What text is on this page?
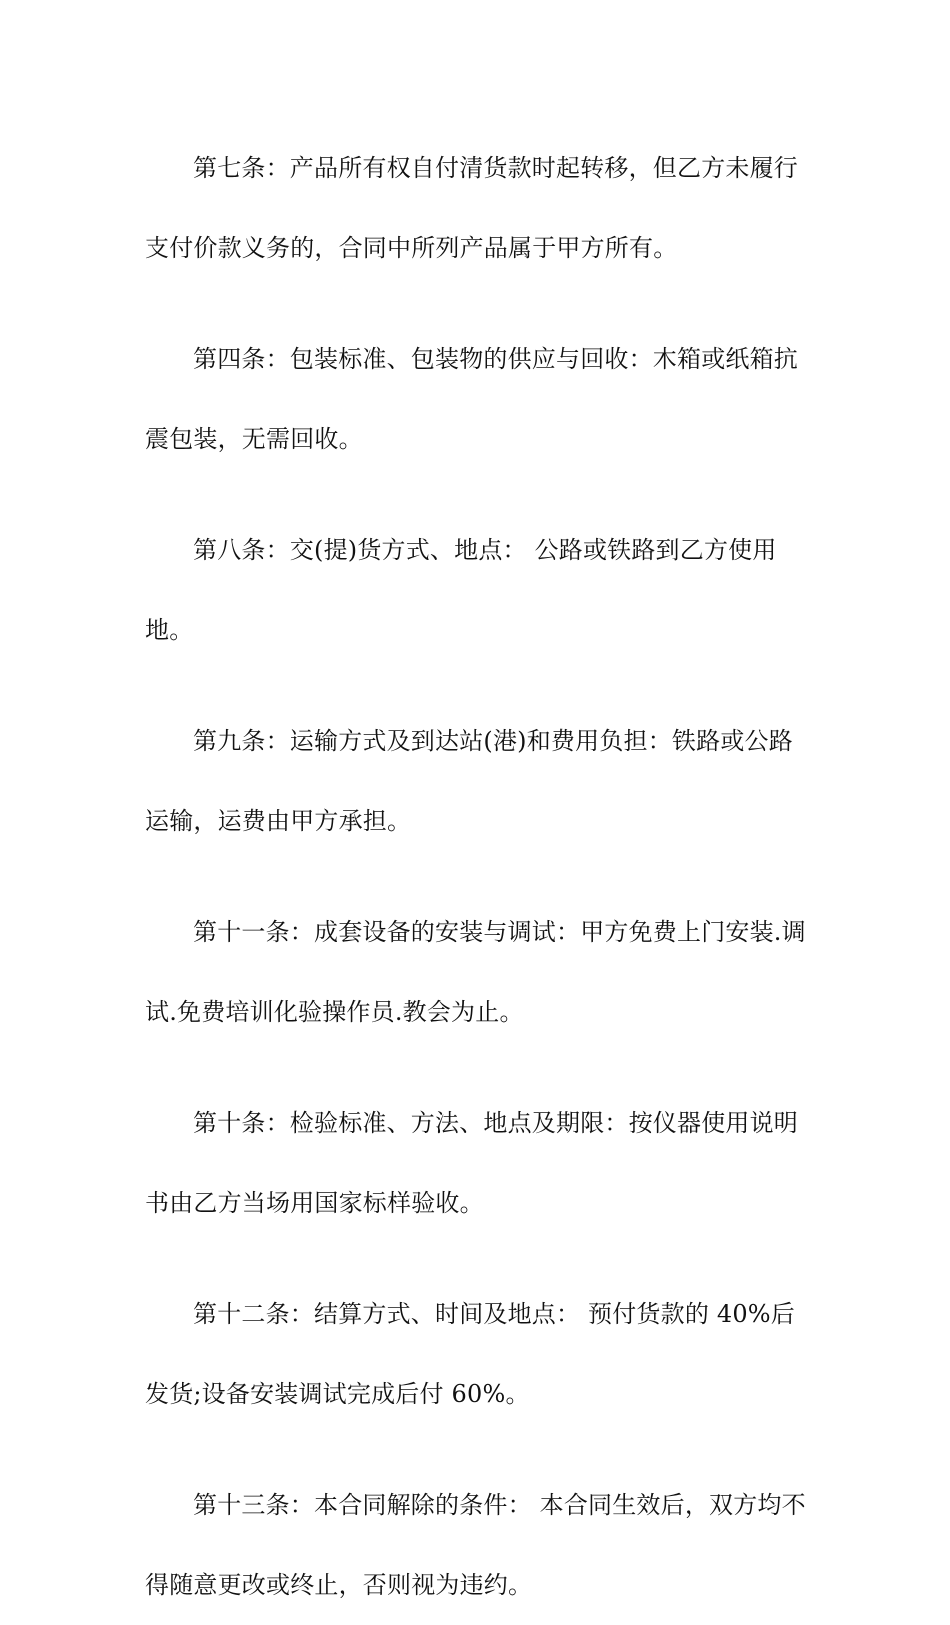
第七条：产品所有权自付清货款时起转移，但乙方未履行支付价款义务的，合同中所列产品属于甲方所有。

第四条：包装标准、包装物的供应与回收：木箱或纸箱抗震包装，无需回收。

第八条：交(提)货方式、地点： 公路或铁路到乙方使用地。

第九条：运输方式及到达站(港)和费用负担：铁路或公路运输，运费由甲方承担。

第十一条：成套设备的安装与调试：甲方免费上门安装.调试.免费培训化验操作员.教会为止。

第十条：检验标准、方法、地点及期限：按仪器使用说明书由乙方当场用国家标样验收。

第十二条：结算方式、时间及地点： 预付货款的 40%后发货;设备安装调试完成后付 60%。

第十三条：本合同解除的条件： 本合同生效后，双方均不得随意更改或终止，否则视为违约。
